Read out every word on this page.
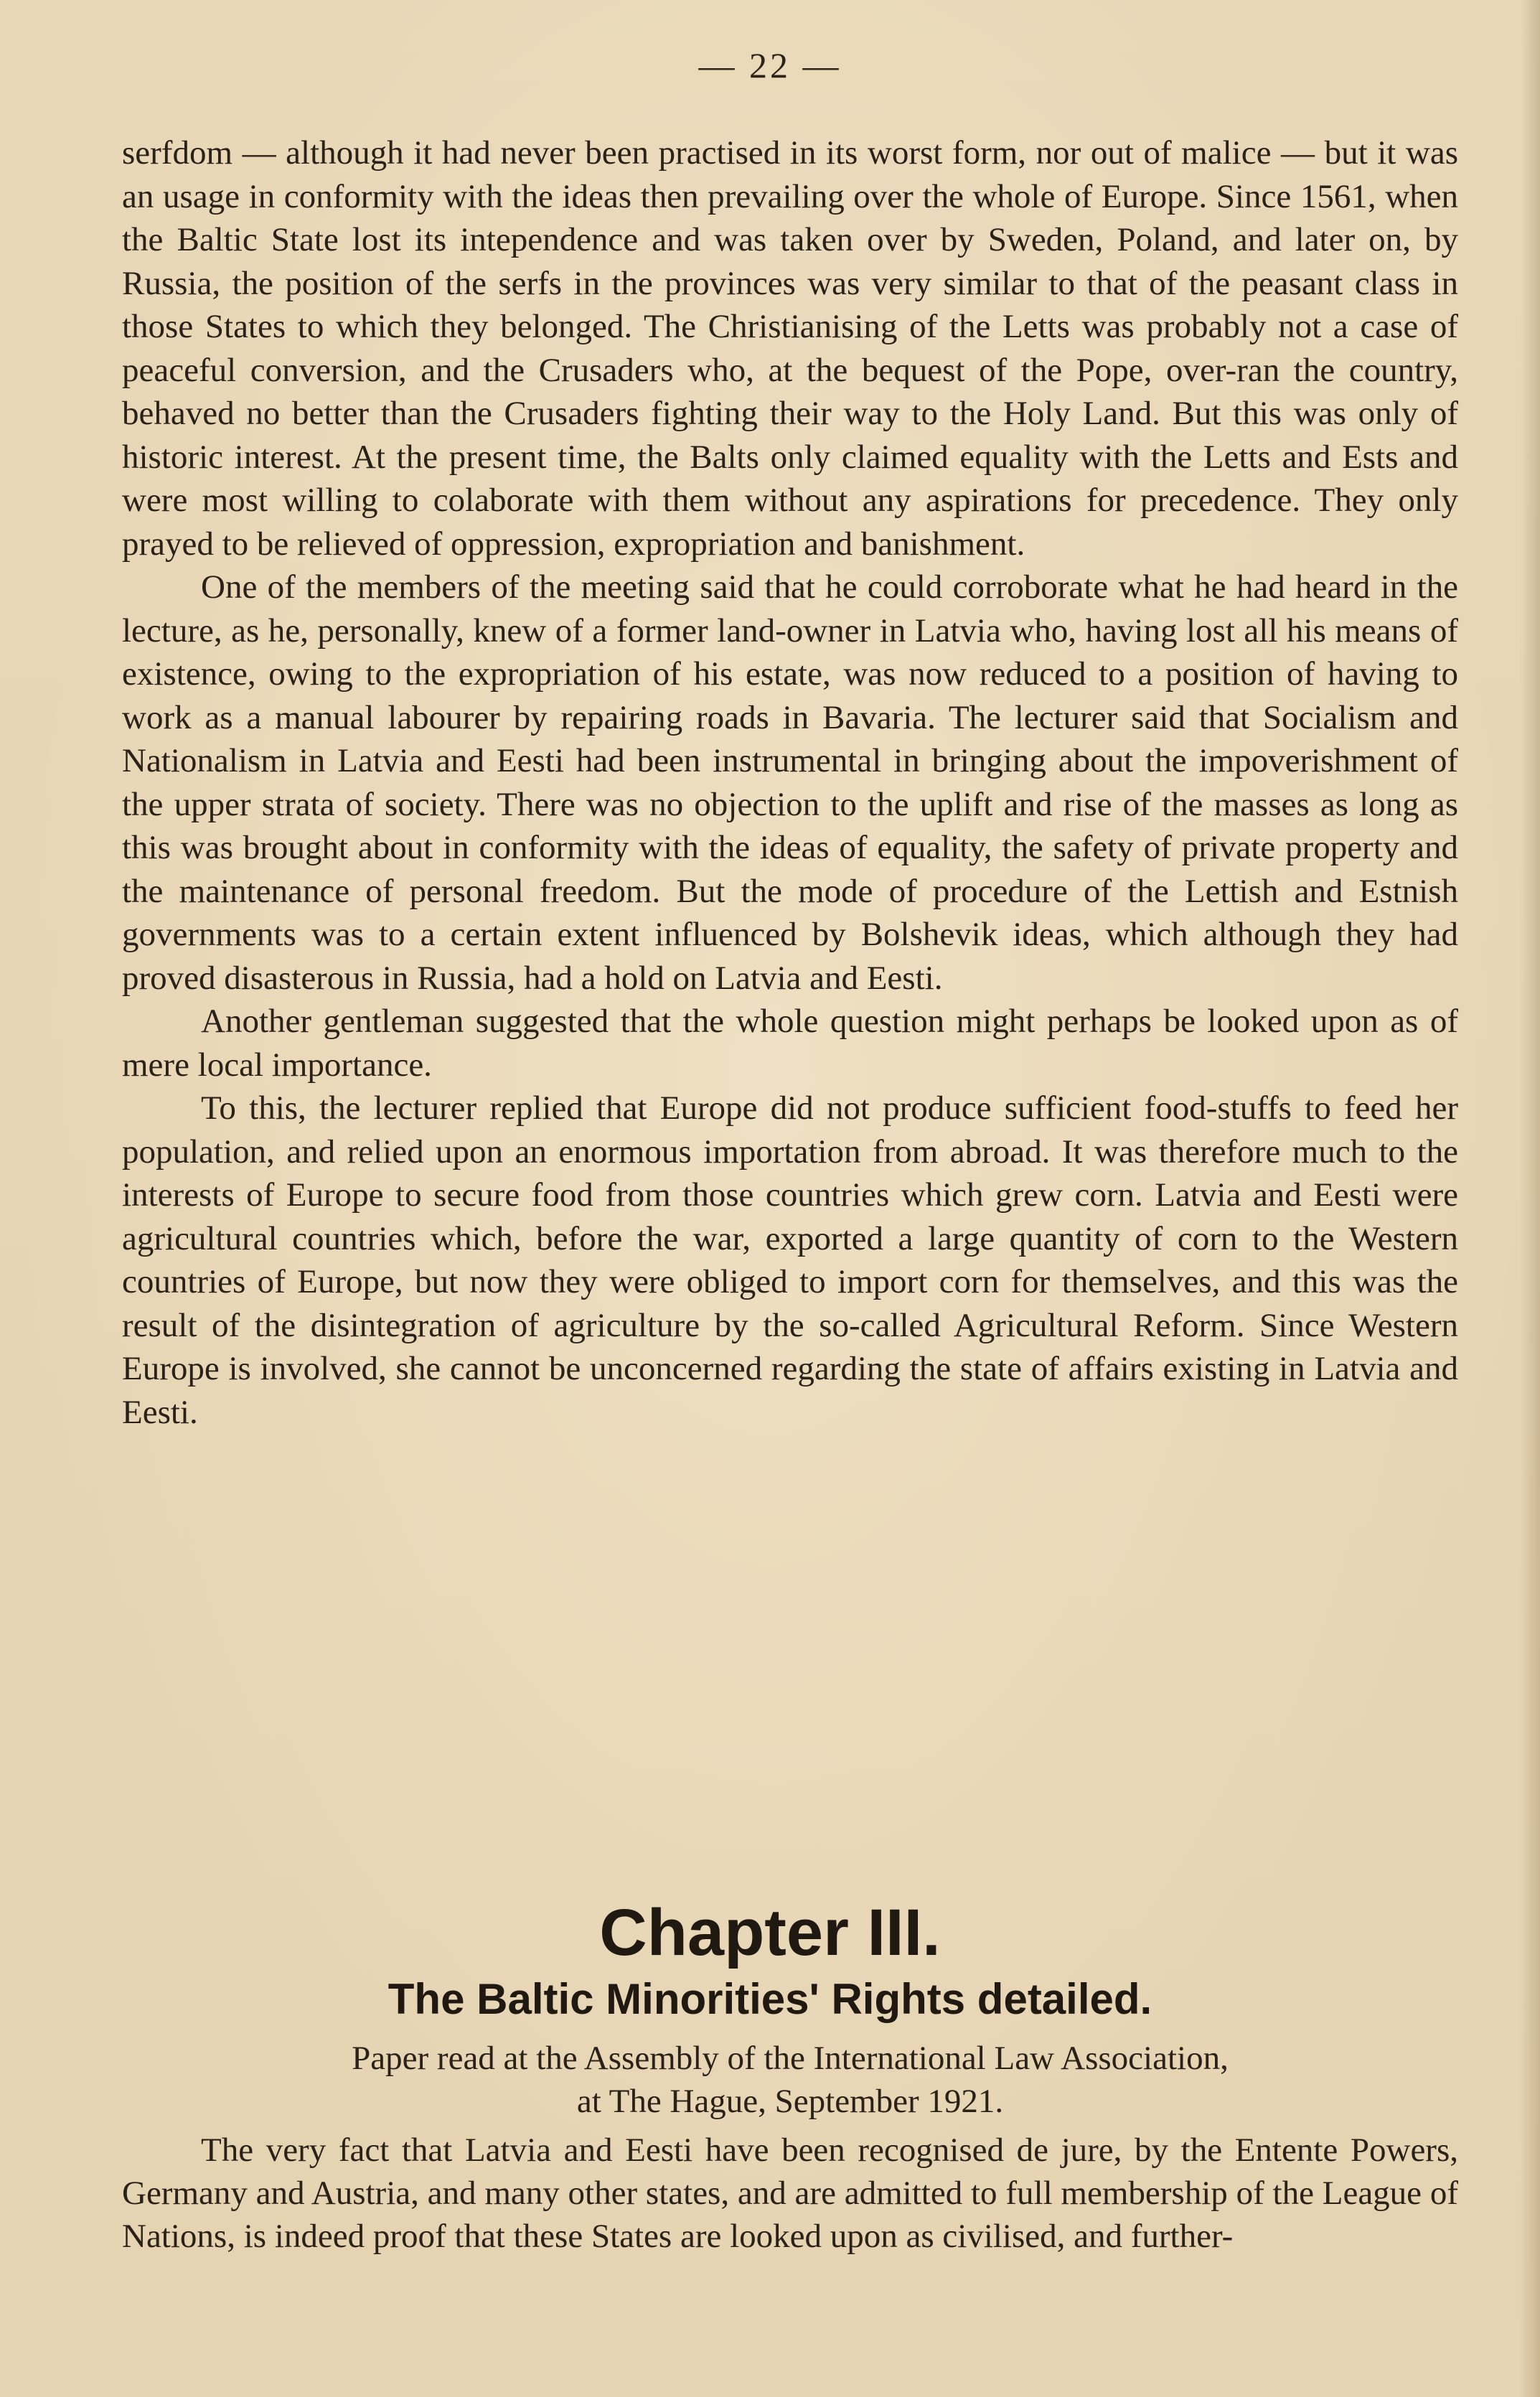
— 22 —

serfdom — although it had never been practised in its worst form, nor out of malice — but it was an usage in conformity with the ideas then prevailing over the whole of Europe. Since 1561, when the Baltic State lost its intependence and was taken over by Sweden, Poland, and later on, by Russia, the position of the serfs in the provinces was very similar to that of the peasant class in those States to which they belonged. The Christianising of the Letts was probably not a case of peaceful conversion, and the Crusaders who, at the bequest of the Pope, over-ran the country, behaved no better than the Crusaders fighting their way to the Holy Land. But this was only of historic interest. At the present time, the Balts only claimed equality with the Letts and Ests and were most willing to colaborate with them without any aspirations for precedence. They only prayed to be relieved of oppression, expropriation and banishment.

One of the members of the meeting said that he could corroborate what he had heard in the lecture, as he, personally, knew of a former land-owner in Latvia who, having lost all his means of existence, owing to the expropriation of his estate, was now reduced to a position of having to work as a manual labourer by repairing roads in Bavaria. The lecturer said that Socialism and Nationalism in Latvia and Eesti had been instrumental in bringing about the impoverishment of the upper strata of society. There was no objection to the uplift and rise of the masses as long as this was brought about in conformity with the ideas of equality, the safety of private property and the maintenance of personal freedom. But the mode of procedure of the Lettish and Estnish governments was to a certain extent influenced by Bolshevik ideas, which although they had proved disasterous in Russia, had a hold on Latvia and Eesti.

Another gentleman suggested that the whole question might perhaps be looked upon as of mere local importance.

To this, the lecturer replied that Europe did not produce sufficient food-stuffs to feed her population, and relied upon an enormous importation from abroad. It was therefore much to the interests of Europe to secure food from those countries which grew corn. Latvia and Eesti were agricultural countries which, before the war, exported a large quantity of corn to the Western countries of Europe, but now they were obliged to import corn for themselves, and this was the result of the disintegration of agriculture by the so-called Agricultural Reform. Since Western Europe is involved, she cannot be unconcerned regarding the state of affairs existing in Latvia and Eesti.

Chapter III.
The Baltic Minorities' Rights detailed.
Paper read at the Assembly of the International Law Association,
at The Hague, September 1921.

The very fact that Latvia and Eesti have been recognised de jure, by the Entente Powers, Germany and Austria, and many other states, and are admitted to full membership of the League of Nations, is indeed proof that these States are looked upon as civilised, and further-
